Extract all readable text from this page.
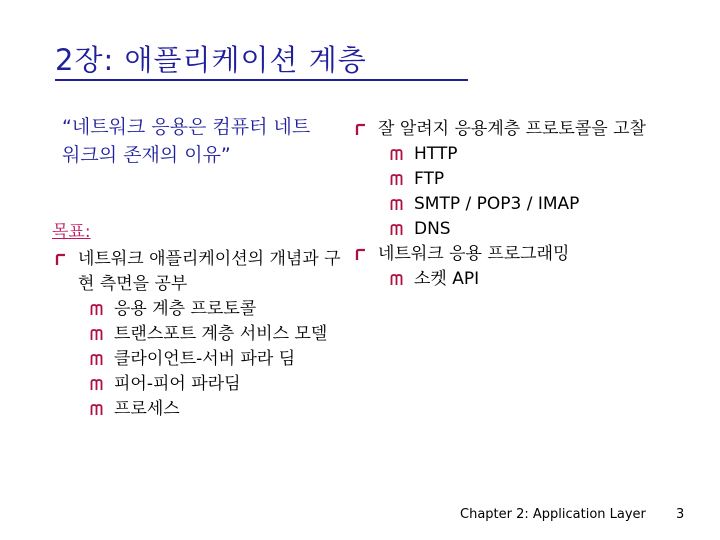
2장: 애플리케이션 계층
“네트워크 응용은 컴퓨터 네트워크의 존재의 이유”
목표:
네트워크 애플리케이션의 개념과 구현 측면을 공부
응용 계층 프로토콜
트랜스포트 계층 서비스 모델
클라이언트-서버 파라 딤
피어-피어 파라딤
프로세스
잘 알려지 응용계층 프로토콜을 고찰
HTTP
FTP
SMTP / POP3 / IMAP
DNS
네트워크 응용 프로그래밍
소켓 API
Chapter 2: Application Layer 3
